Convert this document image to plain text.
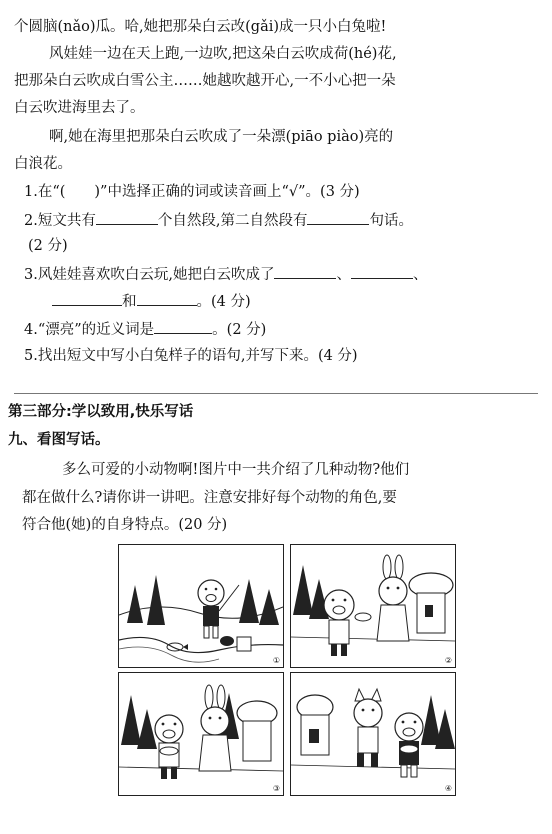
个圆脑(nǎo)瓜。哈,她把那朵白云改(gǎi)成一只小白兔啦!
风娃娃一边在天上跑,一边吹,把这朵白云吹成荷(hé)花,
把那朵白云吹成白雪公主……她越吹越开心,一不小心把一朵
白云吹进海里去了。
啊,她在海里把那朵白云吹成了一朵漂(piāo piào)亮的
白浪花。
1.在“(　　)”中选择正确的词或读音画上“√”。(3 分)
2.短文共有	个自然段,第二自然段有	句话。
(2 分)
3.风娃娃喜欢吹白云玩,她把白云吹成了	、	、
和	。(4 分)
4.“漂亮”的近义词是	。(2 分)
5.找出短文中写小白兔样子的语句,并写下来。(4 分)
第三部分:学以致用,快乐写话
九、看图写话。
多么可爱的小动物啊!图片中一共介绍了几种动物?他们
都在做什么?请你讲一讲吧。注意安排好每个动物的角色,要
符合他(她)的自身特点。(20 分)
①	②
③	④
